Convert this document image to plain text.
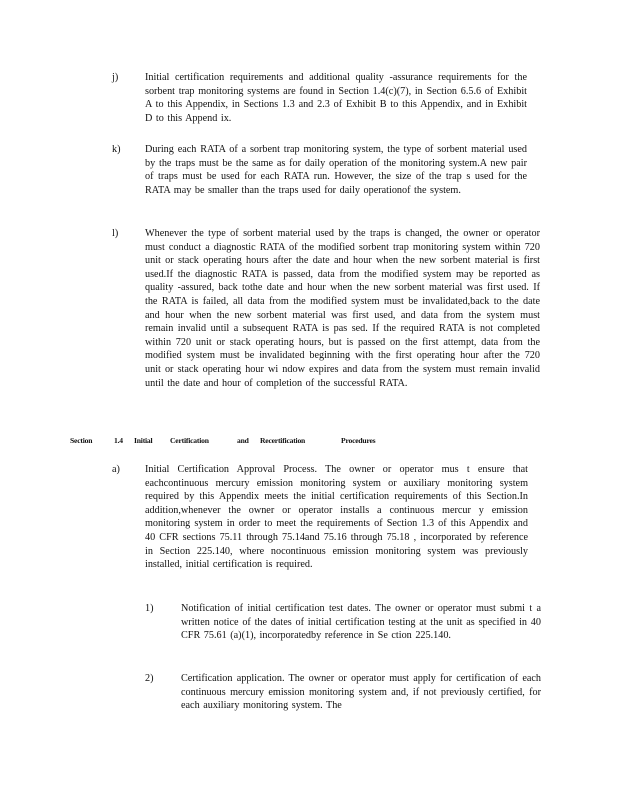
j)	Initial certification requirements and additional quality -assurance requirements for the sorbent trap monitoring systems are found in Section 1.4(c)(7), in Section 6.5.6 of Exhibit A to this Appendix, in Sections 1.3 and 2.3 of Exhibit B to this Appendix, and in Exhibit D to this Append ix.
k) During each RATA of a sorbent trap monitoring system, the type of sorbent material used by the traps must be the same as for daily operation of the monitoring system.A new pair of traps must be used for each RATA run. However, the size of the trap s used for the RATA may be smaller than the traps used for daily operationof the system.
l)	Whenever the type of sorbent material used by the traps is changed, the owner or operator must conduct a diagnostic RATA of the modified sorbent trap monitoring system within 720 unit or stack operating hours after the date and hour when the new sorbent material is first used.If the diagnostic RATA is passed, data from the modified system may be reported as quality -assured, back tothe date and hour when the new sorbent material was first used. If the RATA is failed, all data from the modified system must be invalidated,back to the date and hour when the new sorbent material was first used, and data from the system must remain invalid until a subsequent RATA is pas sed. If the required RATA is not completed within 720 unit or stack operating hours, but is passed on the first attempt, data from the modified system must be invalidated beginning with the first operating hour after the 720 unit or stack operating hour wi ndow expires and data from the system must remain invalid until the date and hour of completion of the successful RATA.
Section	1.4 Initial Certification	and Recertification	Procedures
a) Initial Certification Approval Process. The owner or operator mus t ensure that eachcontinuous mercury emission monitoring system or auxiliary monitoring system required by this Appendix meets the initial certification requirements of this Section.In addition,whenever the owner or operator installs a continuous mercur y emission monitoring system in order to meet the requirements of Section 1.3 of this Appendix and 40 CFR sections 75.11 through 75.14and 75.16 through 75.18 , incorporated by reference in Section 225.140, where nocontinuous emission monitoring system was previously installed, initial certification is required.
1)	Notification of initial certification test dates. The owner or operator must submi t a written notice of the dates of initial certification testing at the unit as specified in 40 CFR 75.61 (a)(1), incorporatedby reference in Se ction 225.140.
2)	Certification application. The owner or operator must apply for certification of each continuous mercury emission monitoring system and, if not previously certified, for each auxiliary monitoring system. The
